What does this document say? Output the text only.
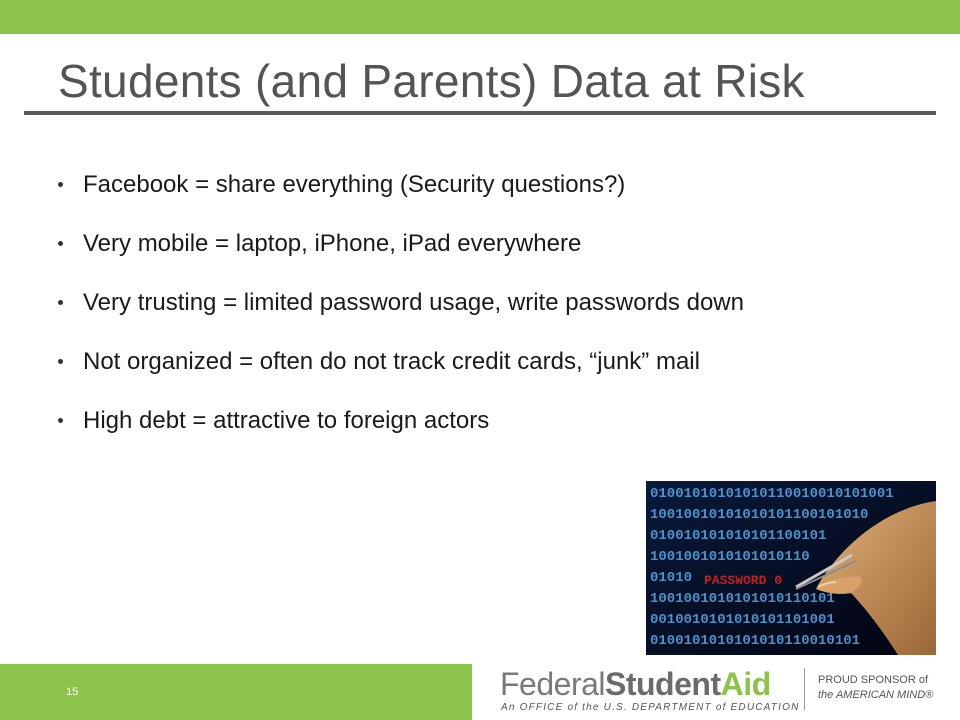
Students (and Parents) Data at Risk
Facebook = share everything (Security questions?)
Very mobile = laptop, iPhone, iPad everywhere
Very trusting = limited password usage, write passwords down
Not organized = often do not track credit cards, “junk” mail
High debt = attractive to foreign actors
01001010101010110010010101001
10010010101010101100101010
010010101010101100101
1001001010101010110
01010
1001001010101010110101
0010010101010101101001
0100101010101010110010101
PASSWORD 0
15	FederalStudentAid
An OFFICE of the U.S. DEPARTMENT of EDUCATION
PROUD SPONSOR of
the AMERICAN MIND®
